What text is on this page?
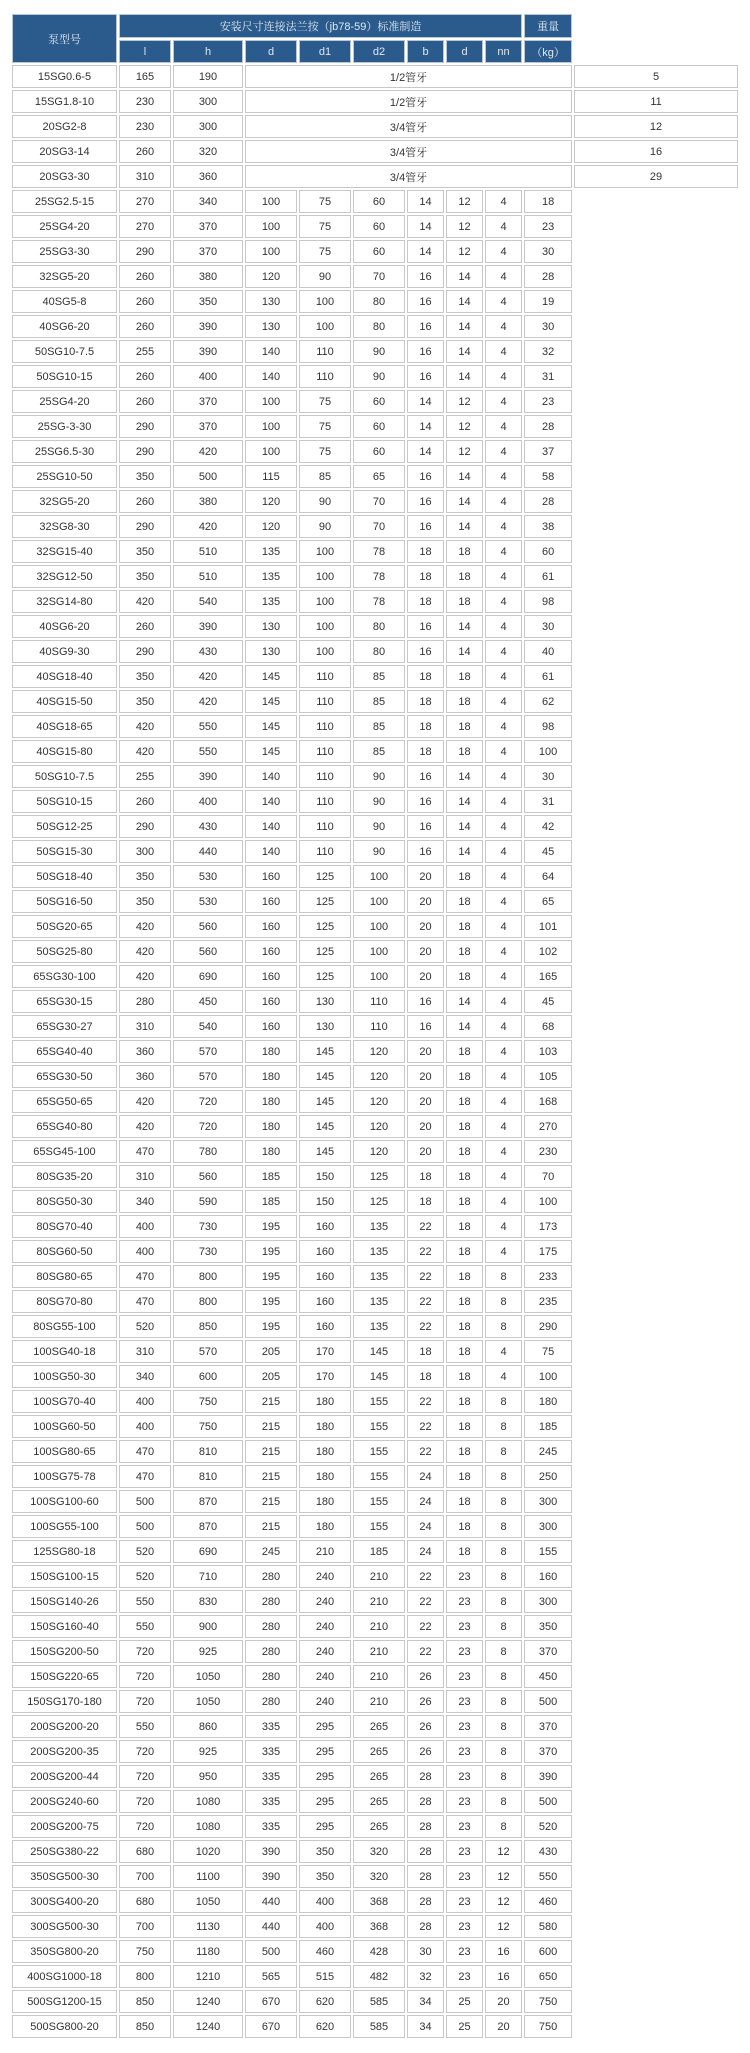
泵型号	安装尺寸连接法兰按（jb78-59）标准制造								重量	
	l	h	d	d1	d2	b	d	nn	（kg）	
15SG0.6-5	165	190	1/2管牙							5
15SG1.8-10	230	300	1/2管牙							11
20SG2-8	230	300	3/4管牙							12
20SG3-14	260	320	3/4管牙							16
20SG3-30	310	360	3/4管牙							29
25SG2.5-15	270	340	100	75	60	14	12	4	18	
25SG4-20	270	370	100	75	60	14	12	4	23	
25SG3-30	290	370	100	75	60	14	12	4	30	
32SG5-20	260	380	120	90	70	16	14	4	28	
40SG5-8	260	350	130	100	80	16	14	4	19	
40SG6-20	260	390	130	100	80	16	14	4	30	
50SG10-7.5	255	390	140	110	90	16	14	4	32	
50SG10-15	260	400	140	110	90	16	14	4	31	
25SG4-20	260	370	100	75	60	14	12	4	23	
25SG-3-30	290	370	100	75	60	14	12	4	28	
25SG6.5-30	290	420	100	75	60	14	12	4	37	
25SG10-50	350	500	115	85	65	16	14	4	58	
32SG5-20	260	380	120	90	70	16	14	4	28	
32SG8-30	290	420	120	90	70	16	14	4	38	
32SG15-40	350	510	135	100	78	18	18	4	60	
32SG12-50	350	510	135	100	78	18	18	4	61	
32SG14-80	420	540	135	100	78	18	18	4	98	
40SG6-20	260	390	130	100	80	16	14	4	30	
40SG9-30	290	430	130	100	80	16	14	4	40	
40SG18-40	350	420	145	110	85	18	18	4	61	
40SG15-50	350	420	145	110	85	18	18	4	62	
40SG18-65	420	550	145	110	85	18	18	4	98	
40SG15-80	420	550	145	110	85	18	18	4	100	
50SG10-7.5	255	390	140	110	90	16	14	4	30	
50SG10-15	260	400	140	110	90	16	14	4	31	
50SG12-25	290	430	140	110	90	16	14	4	42	
50SG15-30	300	440	140	110	90	16	14	4	45	
50SG18-40	350	530	160	125	100	20	18	4	64	
50SG16-50	350	530	160	125	100	20	18	4	65	
50SG20-65	420	560	160	125	100	20	18	4	101	
50SG25-80	420	560	160	125	100	20	18	4	102	
65SG30-100	420	690	160	125	100	20	18	4	165	
65SG30-15	280	450	160	130	110	16	14	4	45	
65SG30-27	310	540	160	130	110	16	14	4	68	
65SG40-40	360	570	180	145	120	20	18	4	103	
65SG30-50	360	570	180	145	120	20	18	4	105	
65SG50-65	420	720	180	145	120	20	18	4	168	
65SG40-80	420	720	180	145	120	20	18	4	270	
65SG45-100	470	780	180	145	120	20	18	4	230	
80SG35-20	310	560	185	150	125	18	18	4	70	
80SG50-30	340	590	185	150	125	18	18	4	100	
80SG70-40	400	730	195	160	135	22	18	4	173	
80SG60-50	400	730	195	160	135	22	18	4	175	
80SG80-65	470	800	195	160	135	22	18	8	233	
80SG70-80	470	800	195	160	135	22	18	8	235	
80SG55-100	520	850	195	160	135	22	18	8	290	
100SG40-18	310	570	205	170	145	18	18	4	75	
100SG50-30	340	600	205	170	145	18	18	4	100	
100SG70-40	400	750	215	180	155	22	18	8	180	
100SG60-50	400	750	215	180	155	22	18	8	185	
100SG80-65	470	810	215	180	155	22	18	8	245	
100SG75-78	470	810	215	180	155	24	18	8	250	
100SG100-60	500	870	215	180	155	24	18	8	300	
100SG55-100	500	870	215	180	155	24	18	8	300	
125SG80-18	520	690	245	210	185	24	18	8	155	
150SG100-15	520	710	280	240	210	22	23	8	160	
150SG140-26	550	830	280	240	210	22	23	8	300	
150SG160-40	550	900	280	240	210	22	23	8	350	
150SG200-50	720	925	280	240	210	22	23	8	370	
150SG220-65	720	1050	280	240	210	26	23	8	450	
150SG170-180	720	1050	280	240	210	26	23	8	500	
200SG200-20	550	860	335	295	265	26	23	8	370	
200SG200-35	720	925	335	295	265	26	23	8	370	
200SG200-44	720	950	335	295	265	28	23	8	390	
200SG240-60	720	1080	335	295	265	28	23	8	500	
200SG200-75	720	1080	335	295	265	28	23	8	520	
250SG380-22	680	1020	390	350	320	28	23	12	430	
350SG500-30	700	1100	390	350	320	28	23	12	550	
300SG400-20	680	1050	440	400	368	28	23	12	460	
300SG500-30	700	1130	440	400	368	28	23	12	580	
350SG800-20	750	1180	500	460	428	30	23	16	600	
400SG1000-18	800	1210	565	515	482	32	23	16	650	
500SG1200-15	850	1240	670	620	585	34	25	20	750	
500SG800-20	850	1240	670	620	585	34	25	20	750	
